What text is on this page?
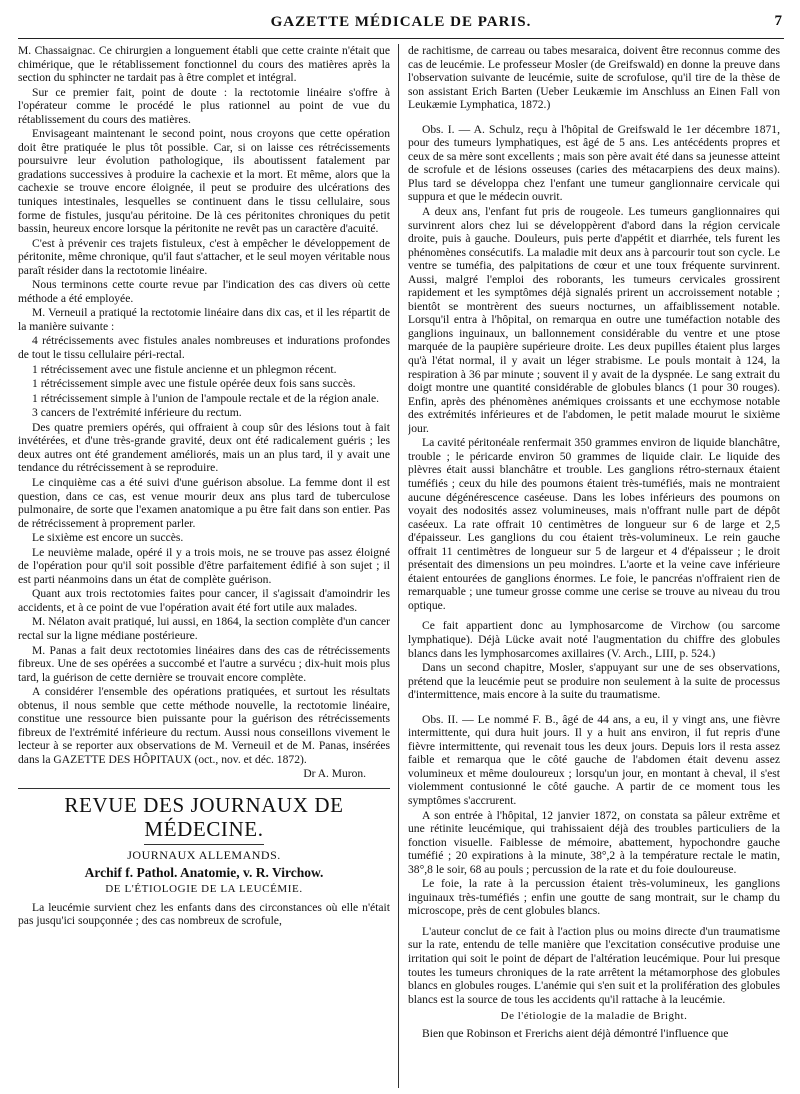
GAZETTE MÉDICALE DE PARIS.	7

M. Chassaignac. Ce chirurgien a longuement établi que cette crainte n'était que chimérique, que le rétablissement fonctionnel du cours des matières après la section du sphincter ne tardait pas à être complet et intégral.

Sur ce premier fait, point de doute : la rectotomie linéaire s'offre à l'opérateur comme le procédé le plus rationnel au point de vue du rétablissement du cours des matières.

Envisageant maintenant le second point, nous croyons que cette opération doit être pratiquée le plus tôt possible. Car, si on laisse ces rétrécissements poursuivre leur évolution pathologique, ils aboutissent fatalement par gradations successives à produire la cachexie et la mort. Et même, alors que la cachexie se trouve encore éloignée, il peut se produire des ulcérations des tuniques intestinales, lesquelles se continuent dans le tissu cellulaire, sous forme de fistules, jusqu'au péritoine. De là ces péritonites chroniques du petit bassin, heureux encore lorsque la péritonite ne revêt pas un caractère d'acuité.

C'est à prévenir ces trajets fistuleux, c'est à empêcher le développement de péritonite, même chronique, qu'il faut s'attacher, et le seul moyen véritable nous paraît résider dans la rectotomie linéaire.

Nous terminons cette courte revue par l'indication des cas divers où cette méthode a été employée.

M. Verneuil a pratiqué la rectotomie linéaire dans dix cas, et il les répartit de la manière suivante :

4 rétrécissements avec fistules anales nombreuses et indurations profondes de tout le tissu cellulaire péri-rectal.

1 rétrécissement avec une fistule ancienne et un phlegmon récent.

1 rétrécissement simple avec une fistule opérée deux fois sans succès.

1 rétrécissement simple à l'union de l'ampoule rectale et de la région anale.

3 cancers de l'extrémité inférieure du rectum.

Des quatre premiers opérés, qui offraient à coup sûr des lésions tout à fait invétérées, et d'une très-grande gravité, deux ont été radicalement guéris ; les deux autres ont été grandement améliorés, mais un an plus tard, il y avait une tendance du rétrécissement à se reproduire.

Le cinquième cas a été suivi d'une guérison absolue. La femme dont il est question, dans ce cas, est venue mourir deux ans plus tard de tuberculose pulmonaire, de sorte que l'examen anatomique a pu être fait dans son entier. Pas de rétrécissement à proprement parler.

Le sixième est encore un succès.

Le neuvième malade, opéré il y a trois mois, ne se trouve pas assez éloigné de l'opération pour qu'il soit possible d'être parfaitement édifié à son sujet ; il est parti néanmoins dans un état de complète guérison.

Quant aux trois rectotomies faites pour cancer, il s'agissait d'amoindrir les accidents, et à ce point de vue l'opération avait été fort utile aux malades.

M. Nélaton avait pratiqué, lui aussi, en 1864, la section complète d'un cancer rectal sur la ligne médiane postérieure.

M. Panas a fait deux rectotomies linéaires dans des cas de rétrécissements fibreux. Une de ses opérées a succombé et l'autre a survécu ; dix-huit mois plus tard, la guérison de cette dernière se trouvait encore complète.

A considérer l'ensemble des opérations pratiquées, et surtout les résultats obtenus, il nous semble que cette méthode nouvelle, la rectotomie linéaire, constitue une ressource bien puissante pour la guérison des rétrécissements fibreux de l'extrémité inférieure du rectum. Aussi nous conseillons vivement le lecteur à se reporter aux observations de M. Verneuil et de M. Panas, insérées dans la GAZETTE DES HÔPITAUX (oct., nov. et déc. 1872).

Dr A. Muron.
REVUE DES JOURNAUX DE MÉDECINE.
JOURNAUX ALLEMANDS.
Archif f. Pathol. Anatomie, v. R. Virchow.
DE L'ÉTIOLOGIE DE LA LEUCÉMIE.

La leucémie survient chez les enfants dans des circonstances où elle n'était pas jusqu'ici soupçonnée ; des cas nombreux de scrofule,

de rachitisme, de carreau ou tabes mesaraica, doivent être reconnus comme des cas de leucémie. Le professeur Mosler (de Greifswald) en donne la preuve dans l'observation suivante de leucémie, suite de scrofulose, qu'il tire de la thèse de son assistant Erich Barten (Ueber Leukæmie im Anschluss an Einen Fall von Leukæmie Lymphatica, 1872.)

Obs. I. — A. Schulz, reçu à l'hôpital de Greifswald le 1er décembre 1871, pour des tumeurs lymphatiques, est âgé de 5 ans. Les antécédents propres et ceux de sa mère sont excellents ; mais son père avait été dans sa jeunesse atteint de scrofule et de lésions osseuses (caries des métacarpiens des deux mains). Plus tard se développa chez l'enfant une tumeur ganglionnaire cervicale qui suppura et que le médecin ouvrit.

A deux ans, l'enfant fut pris de rougeole. Les tumeurs ganglionnaires qui survinrent alors chez lui se développèrent d'abord dans la région cervicale droite, puis à gauche. Douleurs, puis perte d'appétit et diarrhée, tels furent les phénomènes consécutifs. La maladie mit deux ans à parcourir tout son cycle. Le ventre se tuméfia, des palpitations de cœur et une toux fréquente survinrent. Aussi, malgré l'emploi des roborants, les tumeurs cervicales grossirent rapidement et les symptômes déjà signalés prirent un accroissement notable ; bientôt se montrèrent des sueurs nocturnes, un affaiblissement notable. Lorsqu'il entra à l'hôpital, on remarqua en outre une tuméfaction notable des ganglions inguinaux, un ballonnement considérable du ventre et une ptose marquée de la paupière supérieure droite. Les deux pupilles étaient plus larges qu'à l'état normal, il y avait un léger strabisme. Le pouls montait à 124, la respiration à 36 par minute ; souvent il y avait de la dyspnée. Le sang extrait du doigt montre une quantité considérable de globules blancs (1 pour 30 rouges). Enfin, après des phénomènes anémiques croissants et une ecchymose notable des extrémités inférieures et de l'abdomen, le petit malade mourut le sixième jour.

La cavité péritonéale renfermait 350 grammes environ de liquide blanchâtre, trouble ; le péricarde environ 50 grammes de liquide clair. Le liquide des plèvres était aussi blanchâtre et trouble. Les ganglions rétro-sternaux étaient tuméfiés ; ceux du hile des poumons étaient très-tuméfiés, mais ne montraient aucune dégénérescence caséeuse. Dans les lobes inférieurs des poumons on voyait des nodosités assez volumineuses, mais n'offrant nulle part de dépôt caséeux. La rate offrait 10 centimètres de longueur sur 6 de large et 2,5 d'épaisseur. Les ganglions du cou étaient très-volumineux. Le rein gauche offrait 11 centimètres de longueur sur 5 de largeur et 4 d'épaisseur ; le droit présentait des dimensions un peu moindres. L'aorte et la veine cave inférieure étaient entourées de ganglions énormes. Le foie, le pancréas n'offraient rien de remarquable ; une tumeur grosse comme une cerise se trouve au niveau du trou optique.

Ce fait appartient donc au lymphosarcome de Virchow (ou sarcome lymphatique). Déjà Lücke avait noté l'augmentation du chiffre des globules blancs dans les lymphosarcomes axillaires (V. Arch., LIII, p. 524.)

Dans un second chapitre, Mosler, s'appuyant sur une de ses observations, prétend que la leucémie peut se produire non seulement à la suite de processus d'intermittence, mais encore à la suite du traumatisme.

Obs. II. — Le nommé F. B., âgé de 44 ans, a eu, il y vingt ans, une fièvre intermittente, qui dura huit jours. Il y a huit ans environ, il fut repris d'une fièvre intermittente, qui revenait tous les deux jours. Depuis lors il resta assez faible et remarqua que le côté gauche de l'abdomen était devenu assez volumineux et même douloureux ; lorsqu'un jour, en montant à cheval, il s'est violemment contusionné le côté gauche. A partir de ce moment tous les symptômes s'accrurent.

A son entrée à l'hôpital, 12 janvier 1872, on constata sa pâleur extrême et une rétinite leucémique, qui trahissaient déjà des troubles particuliers de la fonction visuelle. Faiblesse de mémoire, abattement, hypochondre gauche tuméfié ; 20 expirations à la minute, 38°,2 à la température rectale le matin, 38°,8 le soir, 68 au pouls ; percussion de la rate et du foie douloureuse.

Le foie, la rate à la percussion étaient très-volumineux, les ganglions inguinaux très-tuméfiés ; enfin une goutte de sang montrait, sur le champ du microscope, près de cent globules blancs.

L'auteur conclut de ce fait à l'action plus ou moins directe d'un traumatisme sur la rate, entendu de telle manière que l'excitation consécutive produise une irritation qui soit le point de départ de l'altération leucémique. Pour lui presque toutes les tumeurs chroniques de la rate arrêtent la métamorphose des globules blancs en globules rouges. L'anémie qui s'en suit et la prolifération des globules blancs est la source de tous les accidents qu'il rattache à la leucémie.

De l'étiologie de la maladie de Bright.

Bien que Robinson et Frerichs aient déjà démontré l'influence que
